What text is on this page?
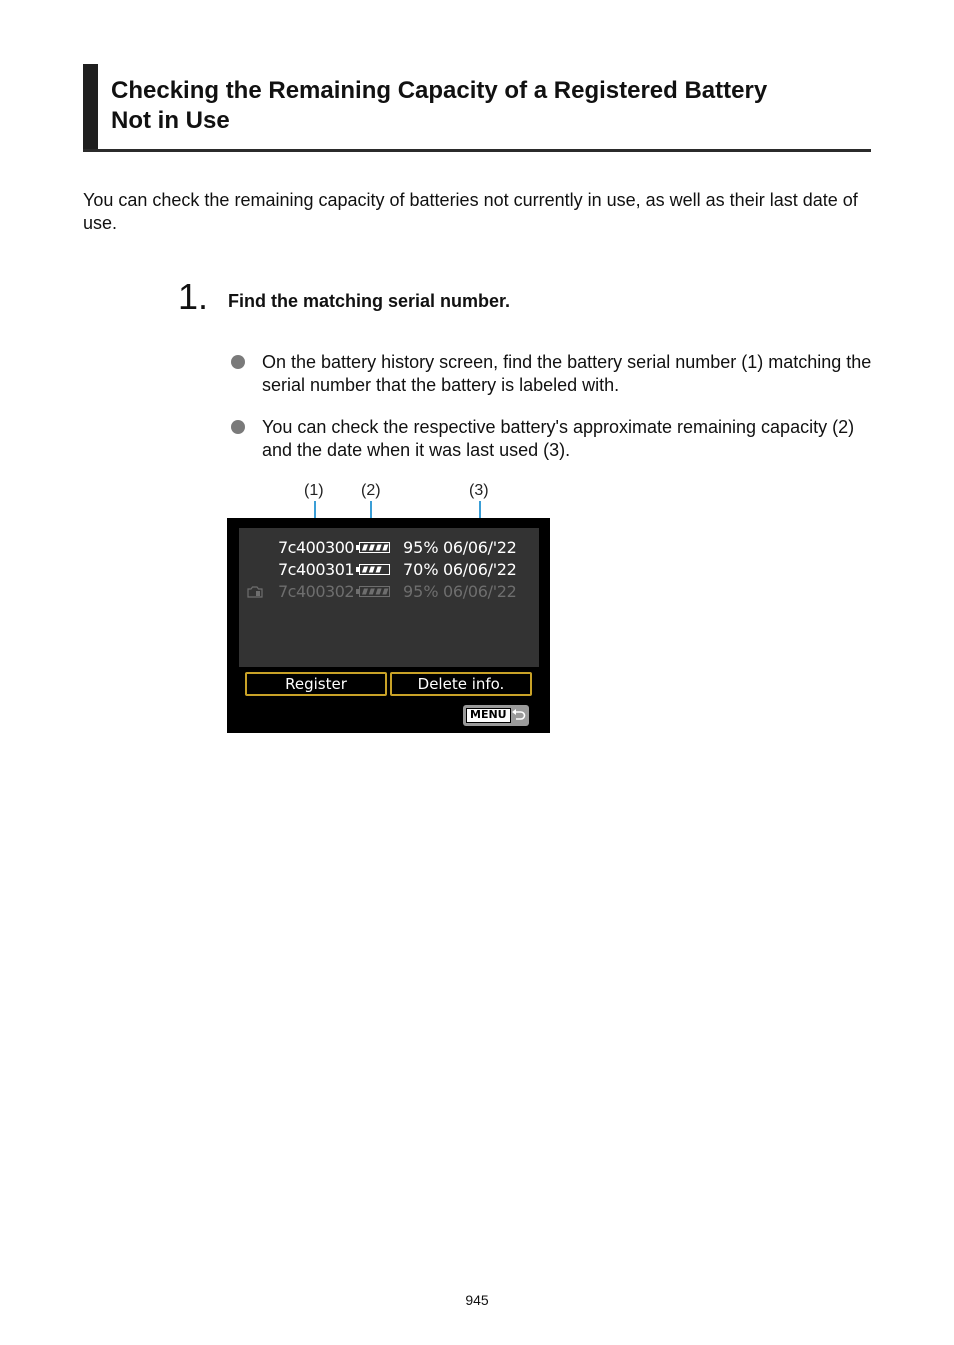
Checking the Remaining Capacity of a Registered Battery
Not in Use

You can check the remaining capacity of batteries not currently in use, as well as their last date of use.

1. Find the matching serial number.

On the battery history screen, find the battery serial number (1) matching the serial number that the battery is labeled with.

You can check the respective battery's approximate remaining capacity (2) and the date when it was last used (3).

(1) (2)	(3)
7c400300	95% 06/06/'22
7c400301	70% 06/06/'22
7c400302	95% 06/06/'22
Register	Delete info.
MENU
945
